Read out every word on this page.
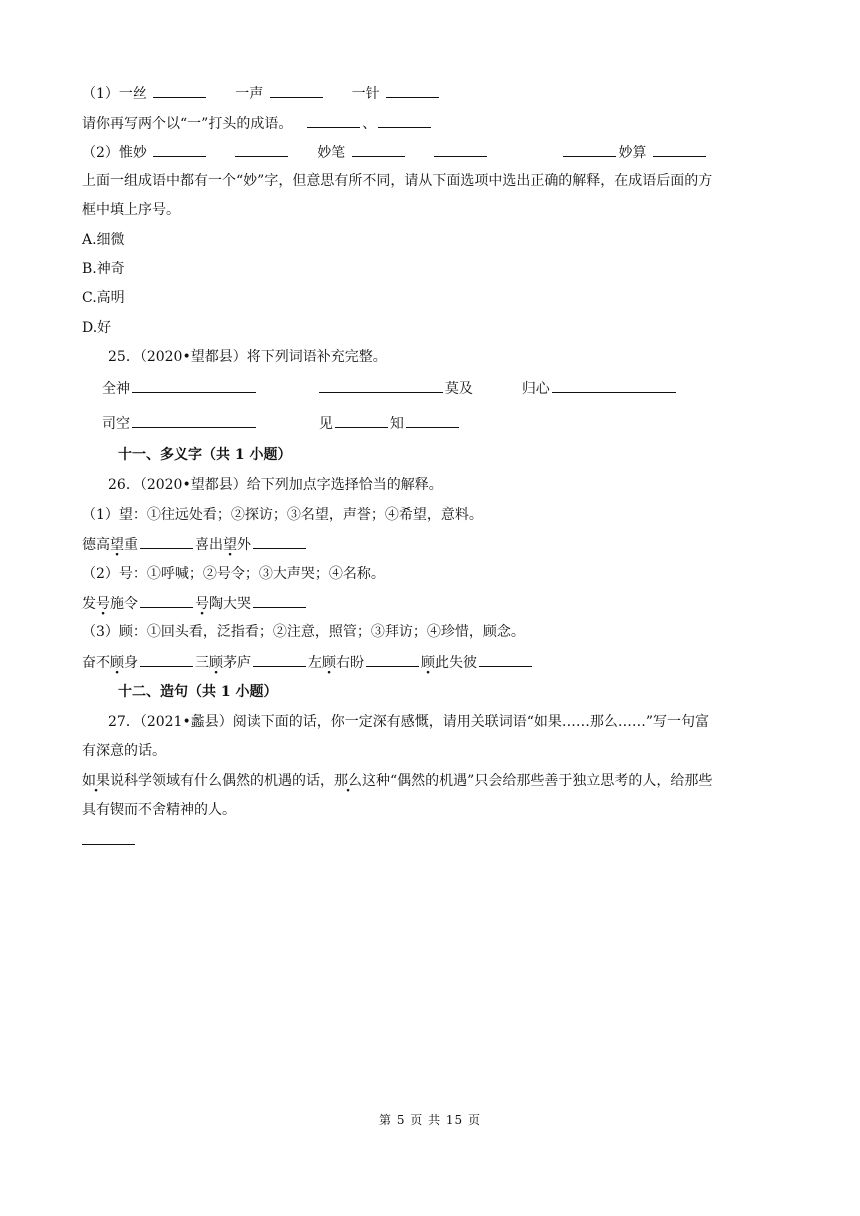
（1）一丝	一声	一针
请你再写两个以“一”打头的成语。	、
（2）惟妙	妙笔	妙算
上面一组成语中都有一个“妙”字，但意思有所不同，请从下面选项中选出正确的解释，在成语后面的方
框中填上序号。
A.细微
B.神奇
C.高明
D.好
25．（2020•望都县）将下列词语补充完整。
全神	莫及	归心
司空	见	知
十一、多义字（共 1 小题）
26．（2020•望都县）给下列加点字选择恰当的解释。
（1）望：①往远处看；②探访；③名望，声誉；④希望，意料。
德高望重	喜出望外
（2）号：①呼喊；②号令；③大声哭；④名称。
发号施令	号陶大哭
（3）顾：①回头看，泛指看；②注意，照管；③拜访；④珍惜，顾念。
奋不顾身	三顾茅庐	左顾右盼	顾此失彼
十二、造句（共 1 小题）
27．（2021•蠡县）阅读下面的话，你一定深有感慨，请用关联词语“如果……那么……”写一句富
有深意的话。
如果说科学领域有什么偶然的机遇的话，那么这种“偶然的机遇”只会给那些善于独立思考的人，给那些
具有锲而不舍精神的人。
第 5 页 共 15 页
